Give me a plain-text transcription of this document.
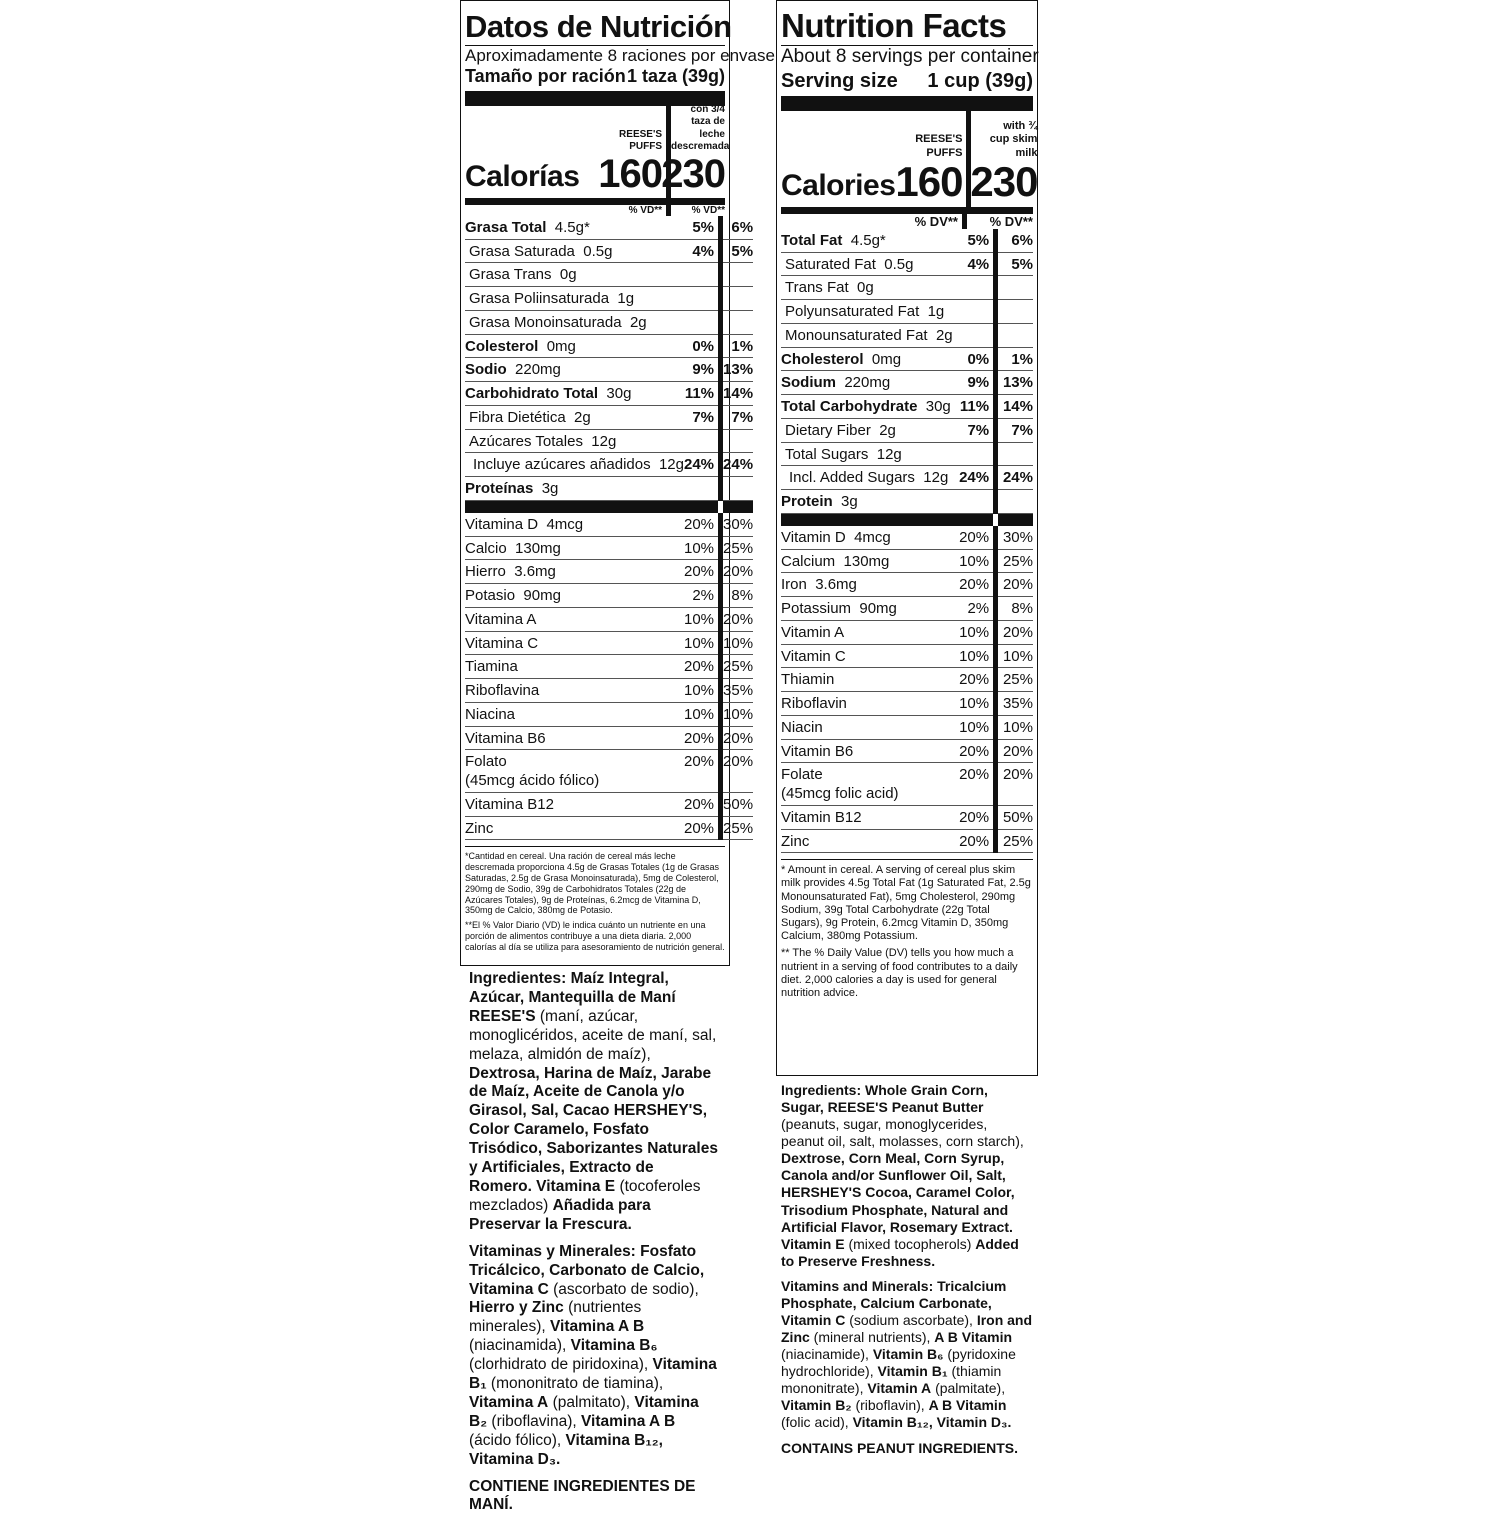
Datos de Nutrición
Aproximadamente 8 raciones por envase
Tamaño por ración 1 taza (39g)
Calorías
REESE'S PUFFS
160
con 3/4 taza de leche descremada
230
% VD**	% VD**
Grasa Total 4.5g*	5%	6%
Grasa Saturada 0.5g	4%	5%
Grasa Trans 0g		
Grasa Poliinsaturada 1g		
Grasa Monoinsaturada 2g		
Colesterol 0mg	0%	1%
Sodio 220mg	9%	13%
Carbohidrato Total 30g	11%	14%
Fibra Dietética 2g	7%	7%
Azúcares Totales 12g		
Incluye azúcares añadidos 12g	24%	24%
Proteínas 3g		

Vitamina D 4mcg	20%	30%
Calcio 130mg	10%	25%
Hierro 3.6mg	20%	20%
Potasio 90mg	2%	8%
Vitamina A	10%	20%
Vitamina C	10%	10%
Tiamina	20%	25%
Riboflavina	10%	35%
Niacina	10%	10%
Vitamina B6	20%	20%
Folato
(45mcg ácido fólico)	20%	20%
Vitamina B12	20%	50%
Zinc	20%	25%

*Cantidad en cereal. Una ración de cereal más leche descremada proporciona 4.5g de Grasas Totales (1g de Grasas Saturadas, 2.5g de Grasa Monoinsaturada), 5mg de Colesterol, 290mg de Sodio, 39g de Carbohidratos Totales (22g de Azúcares Totales), 9g de Proteínas, 6.2mcg de Vitamina D, 350mg de Calcio, 380mg de Potasio.

**El % Valor Diario (VD) le indica cuánto un nutriente en una porción de alimentos contribuye a una dieta diaria. 2,000 calorías al día se utiliza para asesoramiento de nutrición general.

Nutrition Facts
About 8 servings per container
Serving size 1 cup (39g)
Calories
REESE'S PUFFS
160
with ¾ cup skim milk
230
% DV**	% DV**
Total Fat 4.5g*	5%	6%
Saturated Fat 0.5g	4%	5%
Trans Fat 0g		
Polyunsaturated Fat 1g		
Monounsaturated Fat 2g		
Cholesterol 0mg	0%	1%
Sodium 220mg	9%	13%
Total Carbohydrate 30g	11%	14%
Dietary Fiber 2g	7%	7%
Total Sugars 12g		
Incl. Added Sugars 12g	24%	24%
Protein 3g		

Vitamin D 4mcg	20%	30%
Calcium 130mg	10%	25%
Iron 3.6mg	20%	20%
Potassium 90mg	2%	8%
Vitamin A	10%	20%
Vitamin C	10%	10%
Thiamin	20%	25%
Riboflavin	10%	35%
Niacin	10%	10%
Vitamin B6	20%	20%
Folate
(45mcg folic acid)	20%	20%
Vitamin B12	20%	50%
Zinc	20%	25%

* Amount in cereal. A serving of cereal plus skim milk provides 4.5g Total Fat (1g Saturated Fat, 2.5g Monounsaturated Fat), 5mg Cholesterol, 290mg Sodium, 39g Total Carbohydrate (22g Total Sugars), 9g Protein, 6.2mcg Vitamin D, 350mg Calcium, 380mg Potassium.

** The % Daily Value (DV) tells you how much a nutrient in a serving of food contributes to a daily diet. 2,000 calories a day is used for general nutrition advice.

Ingredientes: Maíz Integral, Azúcar, Mantequilla de Maní REESE'S (maní, azúcar, monoglicéridos, aceite de maní, sal, melaza, almidón de maíz), Dextrosa, Harina de Maíz, Jarabe de Maíz, Aceite de Canola y/o Girasol, Sal, Cacao HERSHEY'S, Color Caramelo, Fosfato Trisódico, Saborizantes Naturales y Artificiales, Extracto de Romero. Vitamina E (tocoferoles mezclados) Añadida para Preservar la Frescura.

Vitaminas y Minerales: Fosfato Tricálcico, Carbonato de Calcio, Vitamina C (ascorbato de sodio), Hierro y Zinc (nutrientes minerales), Vitamina A B (niacinamida), Vitamina B₆ (clorhidrato de piridoxina), Vitamina B₁ (mononitrato de tiamina), Vitamina A (palmitato), Vitamina B₂ (riboflavina), Vitamina A B (ácido fólico), Vitamina B₁₂, Vitamina D₃.

CONTIENE INGREDIENTES DE MANÍ.

Ingredients: Whole Grain Corn, Sugar, REESE'S Peanut Butter (peanuts, sugar, monoglycerides, peanut oil, salt, molasses, corn starch), Dextrose, Corn Meal, Corn Syrup, Canola and/or Sunflower Oil, Salt, HERSHEY'S Cocoa, Caramel Color, Trisodium Phosphate, Natural and Artificial Flavor, Rosemary Extract. Vitamin E (mixed tocopherols) Added to Preserve Freshness.

Vitamins and Minerals: Tricalcium Phosphate, Calcium Carbonate, Vitamin C (sodium ascorbate), Iron and Zinc (mineral nutrients), A B Vitamin (niacinamide), Vitamin B₆ (pyridoxine hydrochloride), Vitamin B₁ (thiamin mononitrate), Vitamin A (palmitate), Vitamin B₂ (riboflavin), A B Vitamin (folic acid), Vitamin B₁₂, Vitamin D₃.

CONTAINS PEANUT INGREDIENTS.
